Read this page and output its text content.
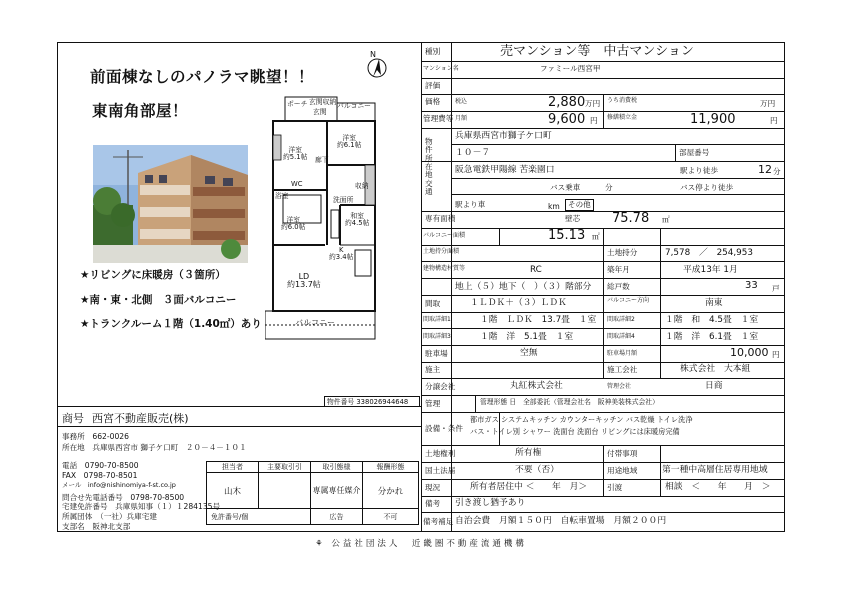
前面棟なしのパノラマ眺望！！
東南角部屋！
★リビングに床暖房（３箇所）
★南・東・北側　３面バルコニー
★トランクルーム１階（1.40㎡）あり
N
ポーチ 玄関収納
玄関
バルコニー
洋室
約5.1帖
洋室
約6.1帖
廊下
WC
浴室	洗面所
収納
洋室
約6.0帖
和室
約4.5帖
K
約3.4帖
LD
約13.7帖
バルコニー
物件番号 338026944648
商号 西宮不動産販売(株)
事務所　662-0026
所在地　兵庫県西宮市 獅子ケ口町　２０－４－１０１
電話　0790-70-8500
FAX　0798-70-8501
メール　info@nishinomiya-f-st.co.jp
問合せ先電話番号　0798-70-8500
宅建免許番号　兵庫県知事（１）１284135号
所属団体　（一社）兵庫宅建
支部名　阪神北支部
担当者	主要取引引	取引態様	報酬形態
山木		専属専任媒介	分かれ
免許番号/個		広告	不可
種別	売マンション等　中古マンション
マンション名	ファミール西宮甲
評価
価格 税込	2,880 万円 うち消費税	万円
管理費等 月額	9,600 円 修繕積立金	11,900	円
物件所在地
兵庫県西宮市獅子ケ口町
１０－７	部屋番号
交通
阪急電鉄甲陽線 苦楽園口	駅より徒歩	12 分
バス乗車	分	バス停より徒歩
駅より車	km	その他
専有面積	壁芯 75.78 ㎡
バルコニー面積	15.13 ㎡
土地持分面積	土地持分	7,578　／　254,953
建物構造材質等	RC	築年月	平成13年 1月
地上（５）地下（　）（３）階部分 総戸数	33 戸
間取	１ＬＤＫ＋（３）ＬＤＫ	バルコニー方向	南東
間取詳細1	１階　ＬＤＫ　13.7畳　１室 間取詳細2	１階　和　4.5畳　１室
間取詳細3	１階　洋　5.1畳　１室	間取詳細4	１階　洋　6.1畳　１室
駐車場	空無	駐車場月額	10,000 円
施主	施工会社	株式会社　大本組
分譲会社	丸紅株式会社	管理会社	日商
管理	管理形態 日　全部委託（管理会社名　阪神美装株式会社）
設備・条件
都市ガス システムキッチン カウンターキッチン バス乾燥 トイレ洗浄
バス・トイレ別 シャワー 洗面台 洗面台 リビングには床暖房完備
土地権利	所有権	付帯事項
国土法届	不要（否）	用途地域	第一種中高層住居専用地域
現況	所有者居住中 ＜　　年　月＞	引渡	相談　＜　　年　　月　＞
備考 引き渡し猶予あり
備考補足 自治会費　月額１５０円　自転車置場　月額２００円
⚘ 公益社団法人　近畿圏不動産流通機構
